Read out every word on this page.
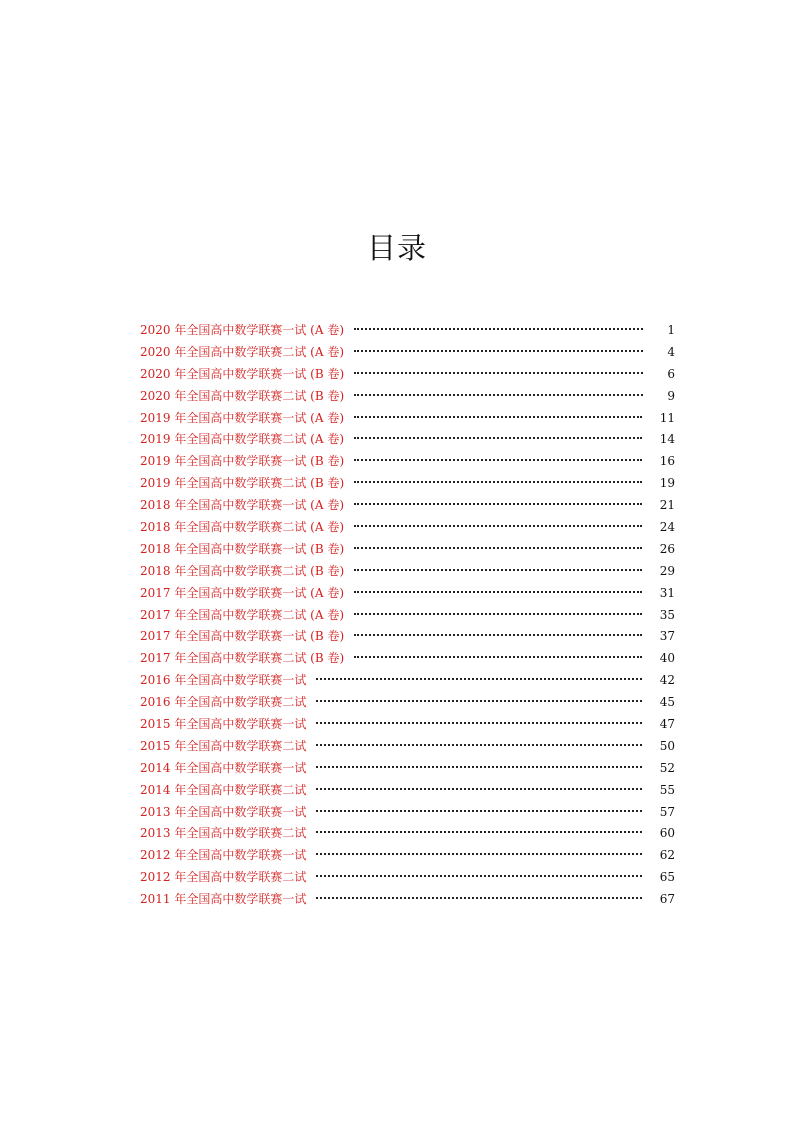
目录
2020 年全国高中数学联赛一试 (A 卷)	1
2020 年全国高中数学联赛二试 (A 卷)	4
2020 年全国高中数学联赛一试 (B 卷)	6
2020 年全国高中数学联赛二试 (B 卷)	9
2019 年全国高中数学联赛一试 (A 卷)	11
2019 年全国高中数学联赛二试 (A 卷)	14
2019 年全国高中数学联赛一试 (B 卷)	16
2019 年全国高中数学联赛二试 (B 卷)	19
2018 年全国高中数学联赛一试 (A 卷)	21
2018 年全国高中数学联赛二试 (A 卷)	24
2018 年全国高中数学联赛一试 (B 卷)	26
2018 年全国高中数学联赛二试 (B 卷)	29
2017 年全国高中数学联赛一试 (A 卷)	31
2017 年全国高中数学联赛二试 (A 卷)	35
2017 年全国高中数学联赛一试 (B 卷)	37
2017 年全国高中数学联赛二试 (B 卷)	40
2016 年全国高中数学联赛一试	42
2016 年全国高中数学联赛二试	45
2015 年全国高中数学联赛一试	47
2015 年全国高中数学联赛二试	50
2014 年全国高中数学联赛一试	52
2014 年全国高中数学联赛二试	55
2013 年全国高中数学联赛一试	57
2013 年全国高中数学联赛二试	60
2012 年全国高中数学联赛一试	62
2012 年全国高中数学联赛二试	65
2011 年全国高中数学联赛一试	67
